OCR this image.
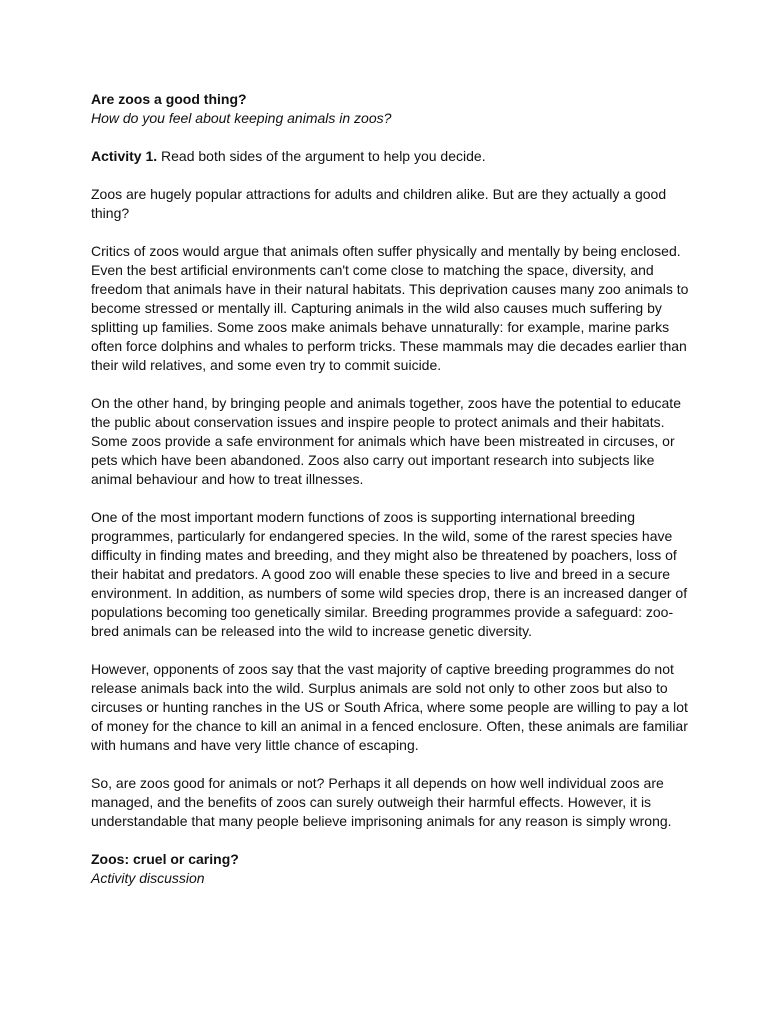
Are zoos a good thing?

How do you feel about keeping animals in zoos?

Activity 1. Read both sides of the argument to help you decide.

Zoos are hugely popular attractions for adults and children alike. But are they actually a good thing?

Critics of zoos would argue that animals often suffer physically and mentally by being enclosed. Even the best artificial environments can't come close to matching the space, diversity, and freedom that animals have in their natural habitats. This deprivation causes many zoo animals to become stressed or mentally ill. Capturing animals in the wild also causes much suffering by splitting up families. Some zoos make animals behave unnaturally: for example, marine parks often force dolphins and whales to perform tricks. These mammals may die decades earlier than their wild relatives, and some even try to commit suicide.

On the other hand, by bringing people and animals together, zoos have the potential to educate the public about conservation issues and inspire people to protect animals and their habitats. Some zoos provide a safe environment for animals which have been mistreated in circuses, or pets which have been abandoned. Zoos also carry out important research into subjects like animal behaviour and how to treat illnesses.

One of the most important modern functions of zoos is supporting international breeding programmes, particularly for endangered species. In the wild, some of the rarest species have difficulty in finding mates and breeding, and they might also be threatened by poachers, loss of their habitat and predators. A good zoo will enable these species to live and breed in a secure environment. In addition, as numbers of some wild species drop, there is an increased danger of populations becoming too genetically similar. Breeding programmes provide a safeguard: zoo-bred animals can be released into the wild to increase genetic diversity.

However, opponents of zoos say that the vast majority of captive breeding programmes do not release animals back into the wild. Surplus animals are sold not only to other zoos but also to circuses or hunting ranches in the US or South Africa, where some people are willing to pay a lot of money for the chance to kill an animal in a fenced enclosure. Often, these animals are familiar with humans and have very little chance of escaping.

So, are zoos good for animals or not? Perhaps it all depends on how well individual zoos are managed, and the benefits of zoos can surely outweigh their harmful effects. However, it is understandable that many people believe imprisoning animals for any reason is simply wrong.

Zoos: cruel or caring?

Activity discussion
